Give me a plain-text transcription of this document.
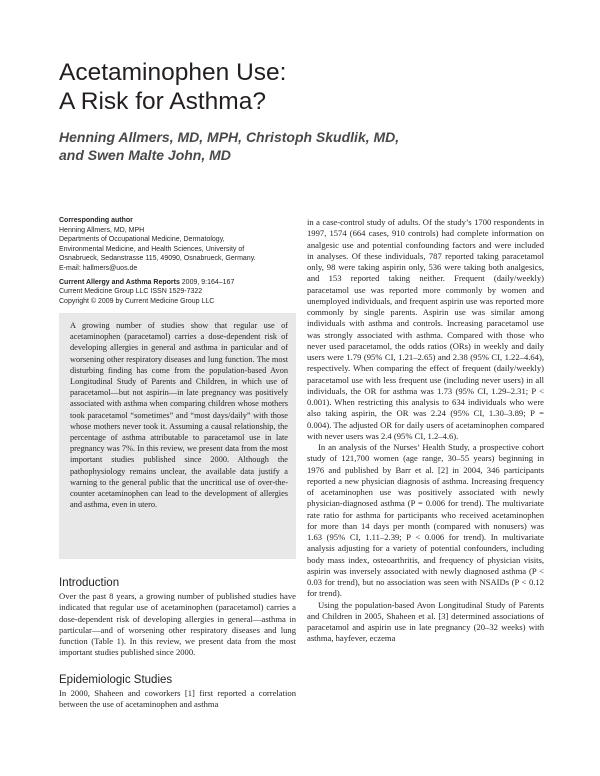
Acetaminophen Use:
A Risk for Asthma?
Henning Allmers, MD, MPH, Christoph Skudlik, MD,
and Swen Malte John, MD
Corresponding author
Henning Allmers, MD, MPH
Departments of Occupational Medicine, Dermatology,
Environmental Medicine, and Health Sciences, University of
Osnabrueck, Sedanstrasse 115, 49090, Osnabrueck, Germany.
E-mail: hallmers@uos.de
Current Allergy and Asthma Reports 2009, 9:164–167
Current Medicine Group LLC ISSN 1529-7322
Copyright © 2009 by Current Medicine Group LLC

A growing number of studies show that regular use of acetaminophen (paracetamol) carries a dose-dependent risk of developing allergies in general and asthma in particular and of worsening other respiratory diseases and lung function. The most disturbing finding has come from the population-based Avon Longitudinal Study of Parents and Children, in which use of paracetamol—but not aspirin—in late pregnancy was positively associated with asthma when comparing children whose mothers took paracetamol “sometimes” and “most days/daily” with those whose mothers never took it. Assuming a causal relationship, the percentage of asthma attributable to paracetamol use in late pregnancy was 7%. In this review, we present data from the most important studies published since 2000. Although the pathophysiology remains unclear, the available data justify a warning to the general public that the uncritical use of over-the-counter acetaminophen can lead to the development of allergies and asthma, even in utero.

Introduction

Over the past 8 years, a growing number of published studies have indicated that regular use of acetaminophen (paracetamol) carries a dose-dependent risk of developing allergies in general—asthma in particular—and of worsening other respiratory diseases and lung function (Table 1). In this review, we present data from the most important studies published since 2000.

Epidemiologic Studies

In 2000, Shaheen and coworkers [1] first reported a correlation between the use of acetaminophen and asthma

in a case-control study of adults. Of the study’s 1700 respondents in 1997, 1574 (664 cases, 910 controls) had complete information on analgesic use and potential confounding factors and were included in analyses. Of these individuals, 787 reported taking paracetamol only, 98 were taking aspirin only, 536 were taking both analgesics, and 153 reported taking neither. Frequent (daily/weekly) paracetamol use was reported more commonly by women and unemployed individuals, and frequent aspirin use was reported more commonly by single parents. Aspirin use was similar among individuals with asthma and controls. Increasing paracetamol use was strongly associated with asthma. Compared with those who never used paracetamol, the odds ratios (ORs) in weekly and daily users were 1.79 (95% CI, 1.21–2.65) and 2.38 (95% CI, 1.22–4.64), respectively. When comparing the effect of frequent (daily/weekly) paracetamol use with less frequent use (including never users) in all individuals, the OR for asthma was 1.73 (95% CI, 1.29–2.31; P < 0.001). When restricting this analysis to 634 individuals who were also taking aspirin, the OR was 2.24 (95% CI, 1.30–3.89; P = 0.004). The adjusted OR for daily users of acetaminophen compared with never users was 2.4 (95% CI, 1.2–4.6).

In an analysis of the Nurses’ Health Study, a prospective cohort study of 121,700 women (age range, 30–55 years) beginning in 1976 and published by Barr et al. [2] in 2004, 346 participants reported a new physician diagnosis of asthma. Increasing frequency of acetaminophen use was positively associated with newly physician-diagnosed asthma (P = 0.006 for trend). The multivariate rate ratio for asthma for participants who received acetaminophen for more than 14 days per month (compared with nonusers) was 1.63 (95% CI, 1.11–2.39; P < 0.006 for trend). In multivariate analysis adjusting for a variety of potential confounders, including body mass index, osteoarthritis, and frequency of physician visits, aspirin was inversely associated with newly diagnosed asthma (P < 0.03 for trend), but no association was seen with NSAIDs (P < 0.12 for trend).

Using the population-based Avon Longitudinal Study of Parents and Children in 2005, Shaheen et al. [3] determined associations of paracetamol and aspirin use in late pregnancy (20–32 weeks) with asthma, hayfever, eczema
